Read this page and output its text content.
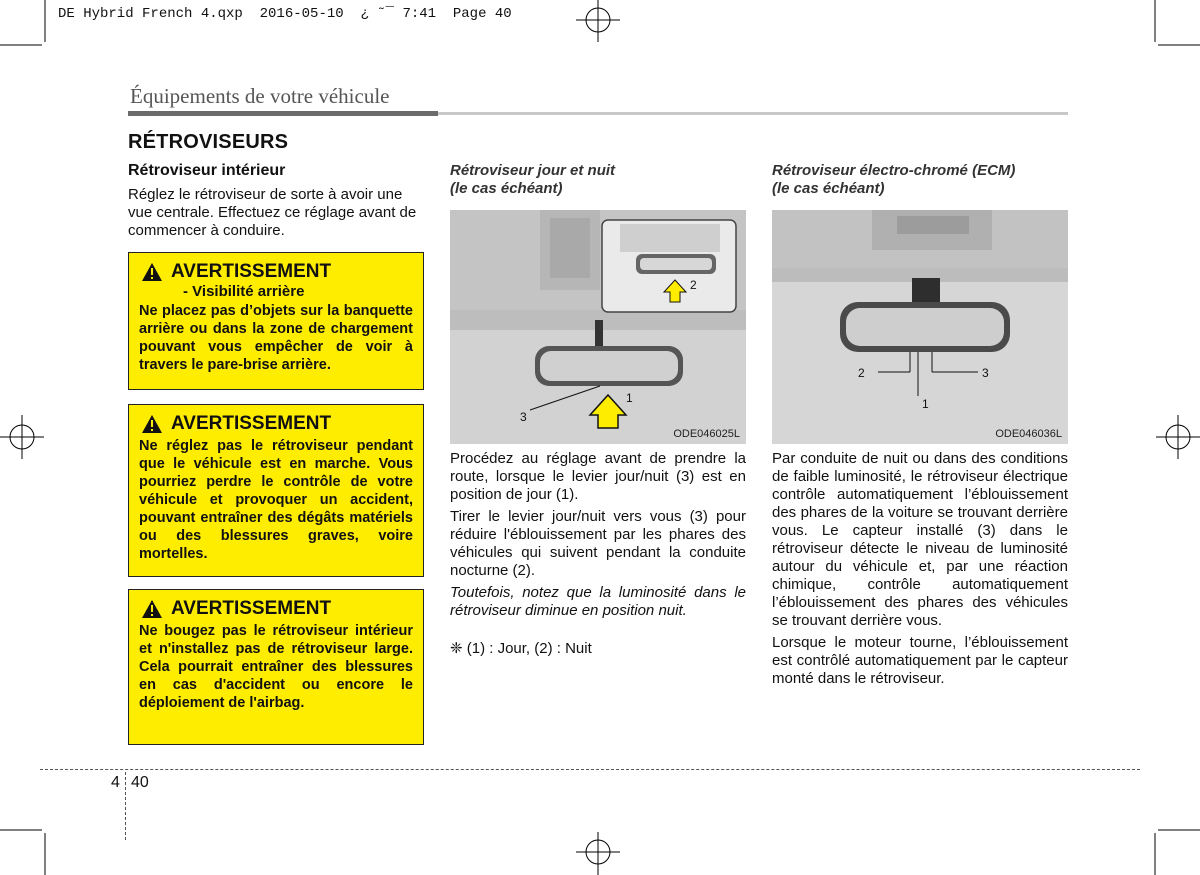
DE Hybrid French 4.qxp  2016-05-10  ¿ ˜¯ 7:41  Page 40
Équipements de votre véhicule
RÉTROVISEURS
Rétroviseur intérieur
Réglez le rétroviseur de sorte à avoir une vue centrale. Effectuez ce réglage avant de commencer à conduire.
AVERTISSEMENT
- Visibilité arrière
Ne placez pas d’objets sur la banquette arrière ou dans la zone de chargement pouvant vous empêcher de voir à travers le pare-brise arrière.
AVERTISSEMENT
Ne réglez pas le rétroviseur pendant que le véhicule est en marche. Vous pourriez perdre le contrôle de votre véhicule et provoquer un accident, pouvant entraîner des dégâts matériels ou des blessures graves, voire mortelles.
AVERTISSEMENT
Ne bougez pas le rétroviseur intérieur et n'installez pas de rétroviseur large. Cela pourrait entraîner des blessures en cas d'accident ou encore le déploiement de l'airbag.
Rétroviseur jour et nuit
(le cas échéant)
3
1
2
ODE046025L

Procédez au réglage avant de prendre la route, lorsque le levier jour/nuit (3) est en position de jour (1).

Tirer le levier jour/nuit vers vous (3) pour réduire l'éblouissement par les phares des véhicules qui suivent pendant la conduite nocturne (2).

Toutefois, notez que la luminosité dans le rétroviseur diminue en position nuit.

❈ (1) : Jour, (2) : Nuit

Rétroviseur électro-chromé (ECM)
(le cas échéant)
2	3
1
ODE046036L

Par conduite de nuit ou dans des conditions de faible luminosité, le rétroviseur électrique contrôle automatiquement l’éblouissement des phares de la voiture se trouvant derrière vous. Le capteur installé (3) dans le rétroviseur détecte le niveau de luminosité autour du véhicule et, par une réaction chimique, contrôle automatiquement l’éblouissement des phares des véhicules se trouvant derrière vous.

Lorsque le moteur tourne, l’éblouissement est contrôlé automatiquement par le capteur monté dans le rétroviseur.

4 40
